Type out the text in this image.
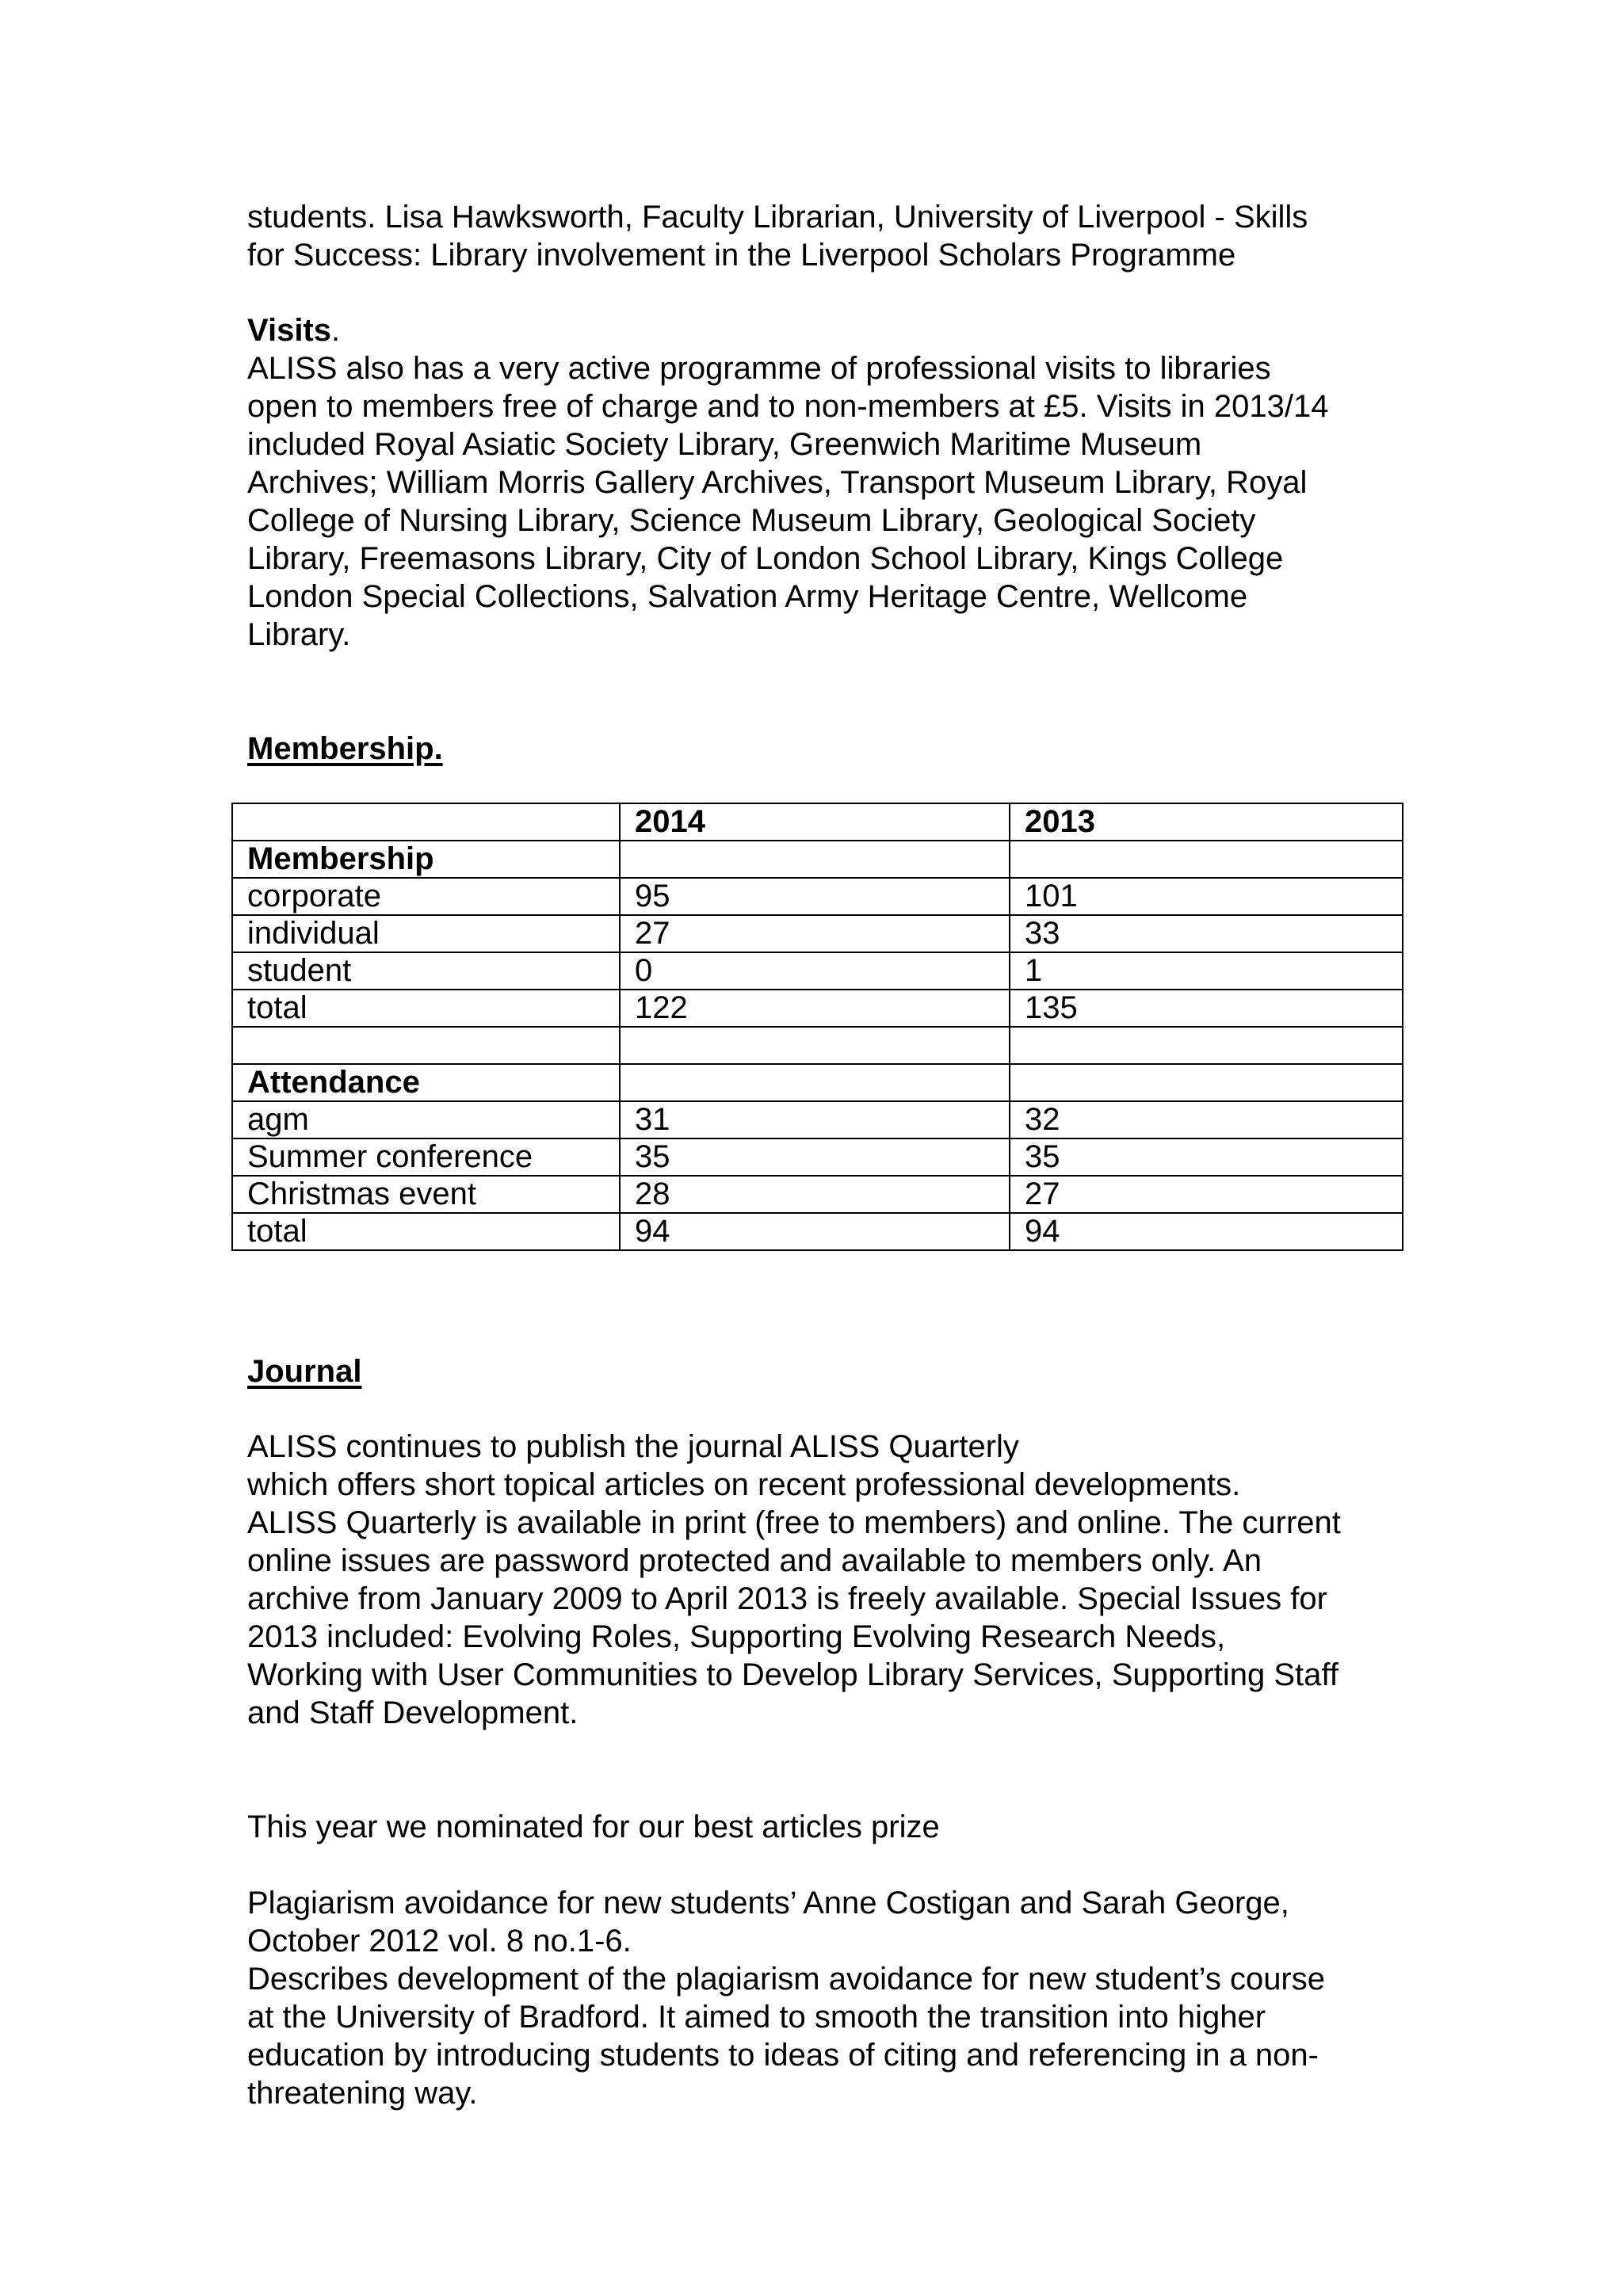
students. Lisa Hawksworth, Faculty Librarian, University of Liverpool - Skills
for Success: Library involvement in the Liverpool Scholars Programme

Visits.

ALISS also has a very active programme of professional visits to libraries
open to members free of charge and to non-members at £5. Visits in 2013/14
included Royal Asiatic Society Library, Greenwich Maritime Museum
Archives; William Morris Gallery Archives, Transport Museum Library, Royal
College of Nursing Library, Science Museum Library, Geological Society
Library, Freemasons Library, City of London School Library, Kings College
London Special Collections, Salvation Army Heritage Centre, Wellcome
Library.

Membership.

	2014	2013
Membership		
corporate	95	101
individual	27	33
student	0	1
total	122	135

Attendance		
agm	31	32
Summer conference	35	35
Christmas event	28	27
total	94	94

Journal

ALISS continues to publish the journal ALISS Quarterly
which offers short topical articles on recent professional developments.
ALISS Quarterly is available in print (free to members) and online. The current
online issues are password protected and available to members only. An
archive from January 2009 to April 2013 is freely available. Special Issues for
2013 included: Evolving Roles, Supporting Evolving Research Needs,
Working with User Communities to Develop Library Services, Supporting Staff
and Staff Development.

This year we nominated for our best articles prize

Plagiarism avoidance for new students’ Anne Costigan and Sarah George,
October 2012 vol. 8 no.1-6.
Describes development of the plagiarism avoidance for new student’s course
at the University of Bradford. It aimed to smooth the transition into higher
education by introducing students to ideas of citing and referencing in a non-
threatening way.
